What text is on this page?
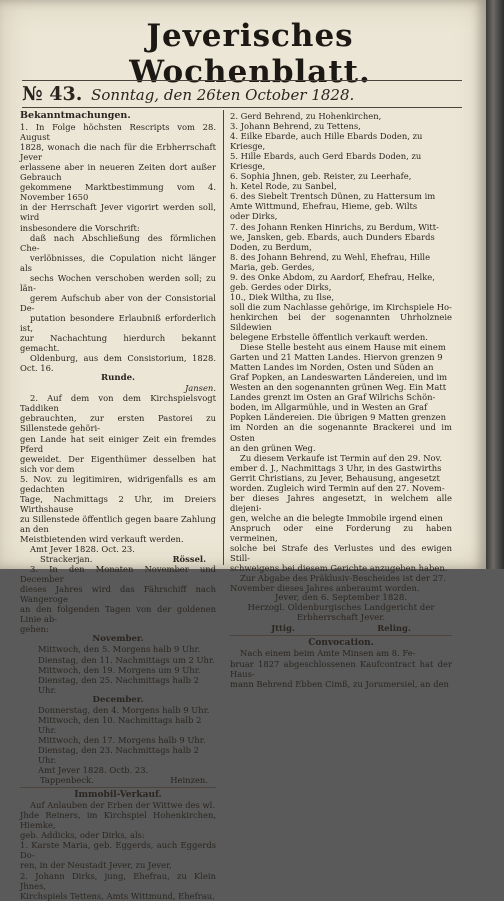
Jeverisches Wochenblatt.
№ 43. Sonntag, den 26ten October 1828.

Bekanntmachungen.

1. In Folge höchsten Rescripts vom 28. August

1828, wonach die nach für die Erbherrschaft Jever

erlassene aber in neueren Zeiten dort außer Gebrauch

gekommene Marktbestimmung vom 4. November 1650

in der Herrschaft Jever vigorirt werden soll, wird

insbesondere die Vorschrift:

daß nach Abschließung des förmlichen Che-

verlöbnisses, die Copulation nicht länger als

sechs Wochen verschoben werden soll; zu län-

gerem Aufschub aber von der Consistorial De-

putation besondere Erlaubniß erforderlich ist,

zur Nachachtung hierdurch bekannt gemacht.

Oldenburg, aus dem Consistorium, 1828. Oct. 16.

Runde.

Jansen.

2. Auf dem von dem Kirchspielsvogt Taddiken

gebrauchten, zur ersten Pastorei zu Sillenstede gehöri-

gen Lande hat seit einiger Zeit ein fremdes Pferd

geweidet. Der Eigenthümer desselben hat sich vor dem

5. Nov. zu legitimiren, widrigenfalls es am gedachten

Tage, Nachmittags 2 Uhr, im Dreiers Wirthshause

zu Sillenstede öffentlich gegen baare Zahlung an den

Meistbietenden wird verkauft werden.

Amt Jever 1828. Oct. 23.

Strackerjan.	Rössel.

3. In den Monaten November und December

dieses Jahres wird das Fährschiff nach Wangeroge

an den folgenden Tagen von der goldenen Linie ab-

gehen:

November.

Mittwoch, den 5. Morgens halb 9 Uhr.

Dienstag, den 11. Nachmittags um 2 Uhr.

Mittwoch, den 19. Morgens um 9 Uhr.

Dienstag, den 25. Nachmittags halb 2 Uhr.

December.

Donnerstag, den 4. Morgens halb 9 Uhr.

Mittwoch, den 10. Nachmittags halb 2 Uhr.

Mittwoch, den 17. Morgens halb 9 Uhr.

Dienstag, den 23. Nachmittags halb 2 Uhr.

Amt Jever 1828. Octb. 23.

Tappenbeck.	Heinzen.

Immobil-Verkauf.

Auf Anlauben der Erben der Wittwe des wl.

Jhde Reiners, im Kirchspiel Hohenkirchen, Hiemke,

geb. Addicks, oder Dirks, als:

1. Karste Maria, geb. Eggerds, auch Eggerds Do-

ren, in der Neustadt Jever, zu Jever,

2. Johann Dirks, jung, Ehefrau, zu Klein Jhnes,

Kirchspiels Tettens, Amts Wittmund, Ehefrau,

2. Gerd Behrend, zu Hohenkirchen,

3. Johann Behrend, zu Tettens,

4. Eilke Ebarde, auch Hille Ebards Doden, zu

Kriesge,

5. Hille Ebards, auch Gerd Ebards Doden, zu

Kriesge,

6. Sophia Jhnen, geb. Reister, zu Leerhafe,

h. Ketel Rode, zu Sanbel,

6. des Siebelt Trentsch Dünen, zu Hattersum im

Amte Wittmund, Ehefrau, Hieme, geb. Wilts

oder Dirks,

7. des Johann Renken Hinrichs, zu Berdum, Witt-

we, Jansken, geb. Ebards, auch Dunders Ebards

Doden, zu Berdum,

8. des Johann Behrend, zu Wehl, Ehefrau, Hille

Maria, geb. Gerdes,

9. des Onke Abdom, zu Aardorf, Ehefrau, Helke,

geb. Gerdes oder Dirks,

10., Diek Wiltha, zu Ilse,

soll die zum Nachlasse gehörige, im Kirchspiele Ho-

henkirchen bei der sogenannten Uhrholzneie Sildewien

belegene Erbstelle öffentlich verkauft werden.

Diese Stelle besteht aus einem Hause mit einem

Garten und 21 Matten Landes. Hiervon grenzen 9

Matten Landes im Norden, Osten und Süden an

Graf Popken, an Landeswarten Ländereien, und im

Westen an den sogenannten grünen Weg. Ein Matt

Landes grenzt im Osten an Graf Wilrichs Schön-

boden, im Allgarmühle, und in Westen an Graf

Popken Ländereien. Die übrigen 9 Matten grenzen

im Norden an die sogenannte Brackerei und im Osten

an den grünen Weg.

Zu diesem Verkaufe ist Termin auf den 29. Nov.

ember d. J., Nachmittags 3 Uhr, in des Gastwirths

Gerrit Christians, zu Jever, Behausung, angesetzt

worden. Zugleich wird Termin auf den 27. Novem-

ber dieses Jahres angesetzt, in welchem alle diejeni-

gen, welche an die belegte Immobile irgend einen

Anspruch oder eine Forderung zu haben vermeinen,

solche bei Strafe des Verlustes und des ewigen Still-

schweigens bei diesem Gerichte anzugeben haben.

Zur Abgabe des Präklusiv-Bescheides ist der 27.

November dieses Jahres anberaumt worden.

Jever, den 6. September 1828.

Herzogl. Oldenburgisches Landgericht der Erbherrschaft Jever.

Jttig.	Reling.

Convocation.

Nach einem beim Amte Minsen am 8. Fe-

bruar 1827 abgeschlossenen Kaufcontract hat der Haus-

mann Behrend Ebben Cimß, zu Jorumersiel, an den
